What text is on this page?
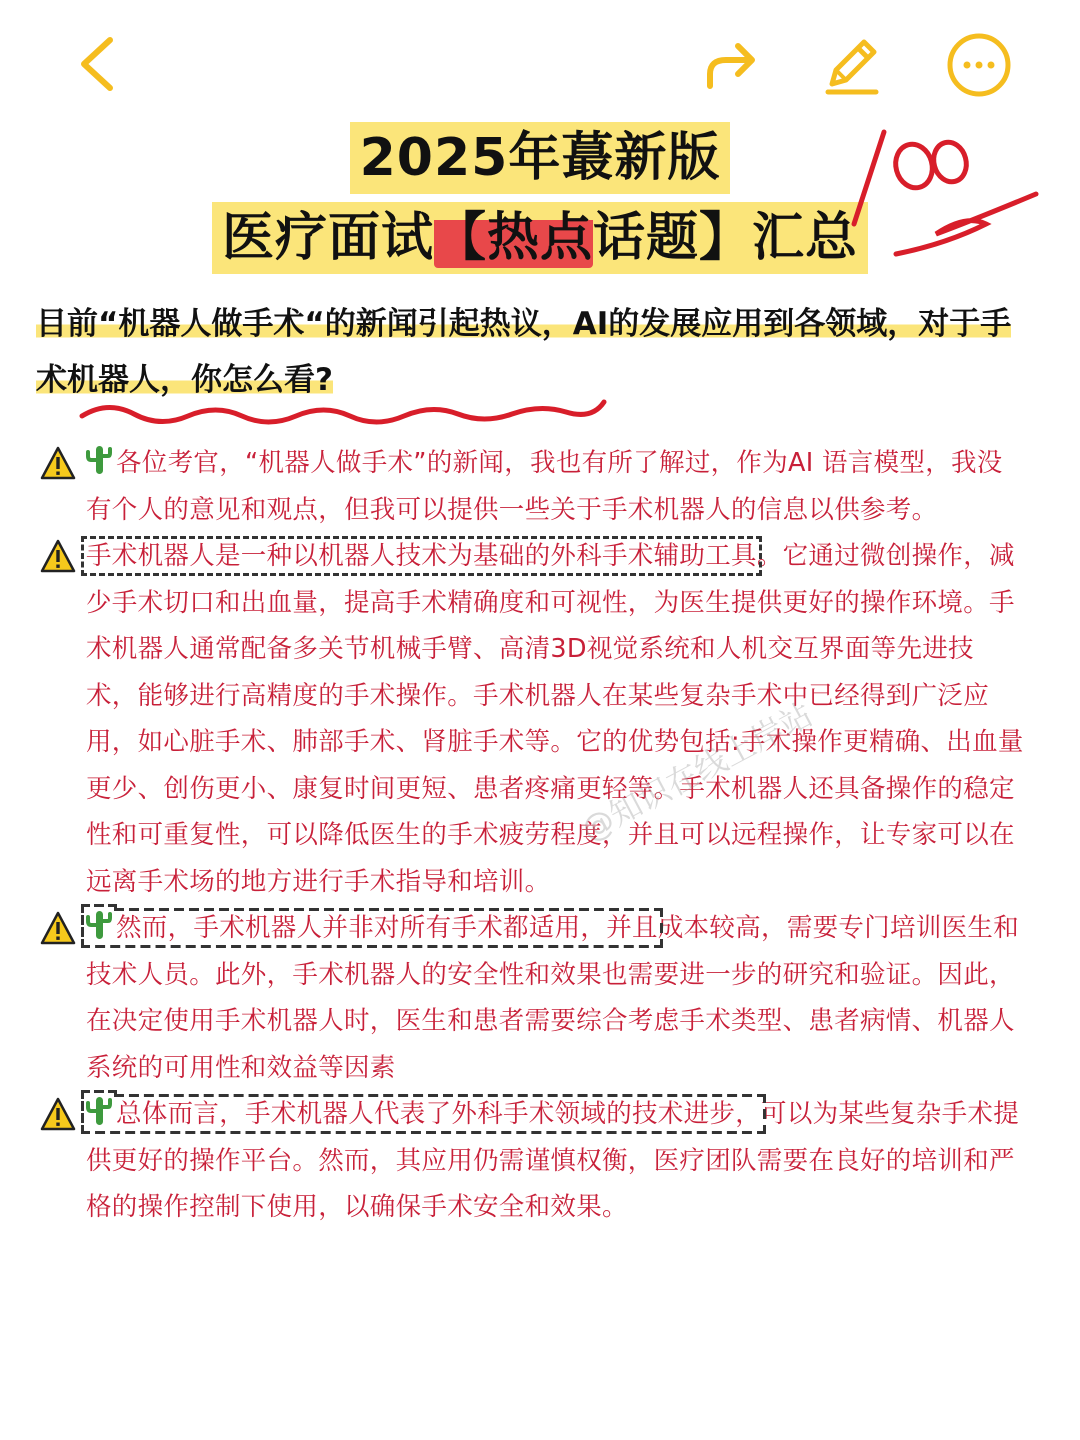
2025年蕞新版
医疗面试【热点话题】汇总
目前“机器人做手术“的新闻引起热议，AI的发展应用到各领域，对于手术机器人，你怎么看?
各位考官，“机器人做手术”的新闻，我也有所了解过，作为AI 语言模型，我没有个人的意见和观点，但我可以提供一些关于手术机器人的信息以供参考。
手术机器人是一种以机器人技术为基础的外科手术辅助工具。它通过微创操作，减少手术切口和出血量，提高手术精确度和可视性，为医生提供更好的操作环境。手术机器人通常配备多关节机械手臂、高清3D视觉系统和人机交互界面等先进技术，能够进行高精度的手术操作。手术机器人在某些复杂手术中已经得到广泛应用，如心脏手术、肺部手术、肾脏手术等。它的优势包括:手术操作更精确、出血量更少、创伤更小、康复时间更短、患者疼痛更轻等。手术机器人还具备操作的稳定性和可重复性，可以降低医生的手术疲劳程度，并且可以远程操作，让专家可以在远离手术场的地方进行手术指导和培训。
然而，手术机器人并非对所有手术都适用，并且成本较高，需要专门培训医生和技术人员。此外，手术机器人的安全性和效果也需要进一步的研究和验证。因此，在决定使用手术机器人时，医生和患者需要综合考虑手术类型、患者病情、机器人系统的可用性和效益等因素
总体而言，手术机器人代表了外科手术领域的技术进步，可以为某些复杂手术提供更好的操作平台。然而，其应用仍需谨慎权衡，医疗团队需要在良好的培训和严格的操作控制下使用，以确保手术安全和效果。
@知识在线上岸站
